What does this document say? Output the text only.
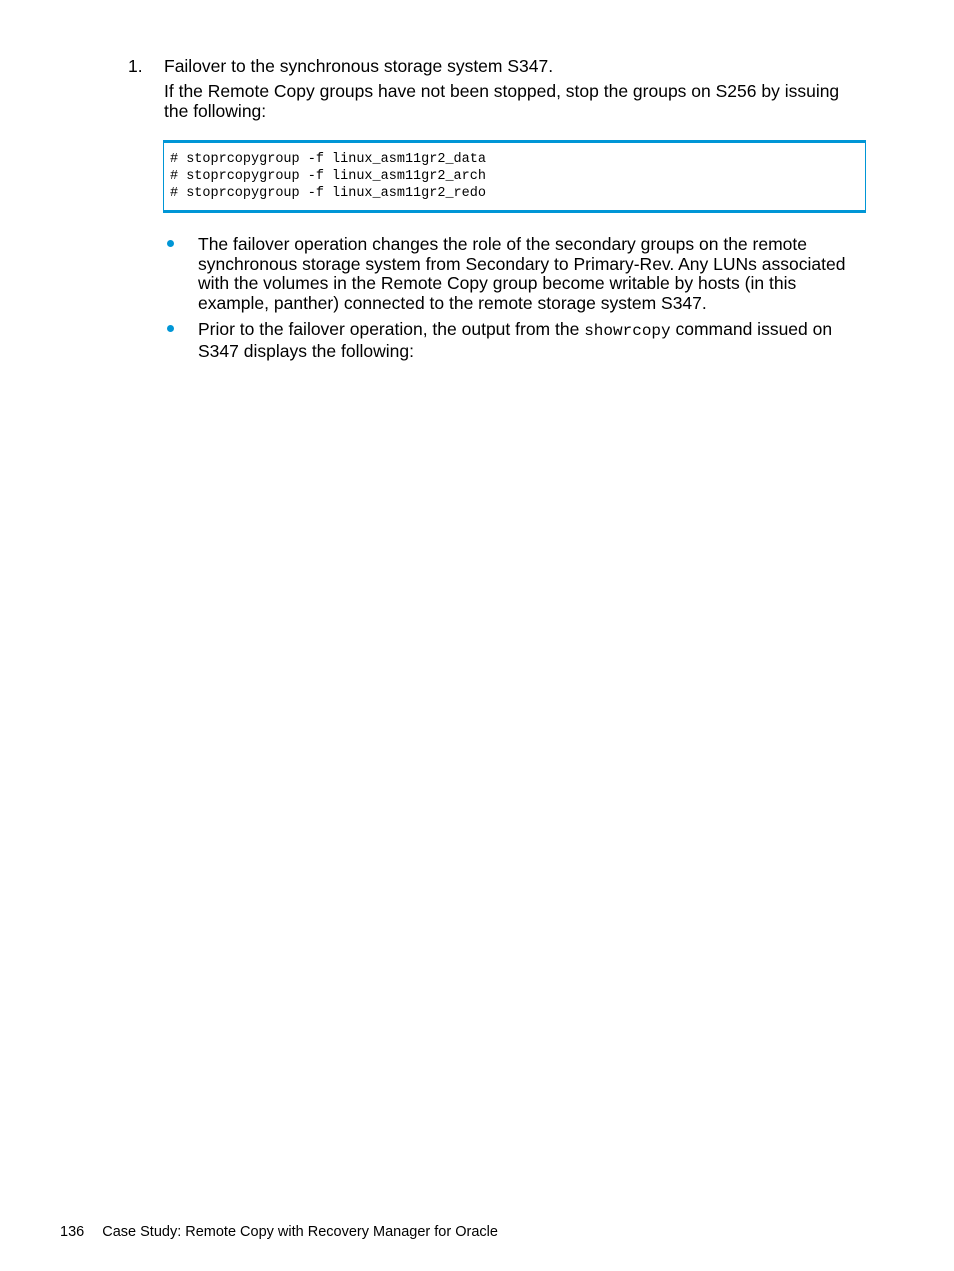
1. Failover to the synchronous storage system S347.
If the Remote Copy groups have not been stopped, stop the groups on S256 by issuing the following:
# stoprcopygroup -f linux_asm11gr2_data
# stoprcopygroup -f linux_asm11gr2_arch
# stoprcopygroup -f linux_asm11gr2_redo
The failover operation changes the role of the secondary groups on the remote synchronous storage system from Secondary to Primary-Rev. Any LUNs associated with the volumes in the Remote Copy group become writable by hosts (in this example, panther) connected to the remote storage system S347.
Prior to the failover operation, the output from the showrcopy command issued on S347 displays the following:
136 Case Study: Remote Copy with Recovery Manager for Oracle
